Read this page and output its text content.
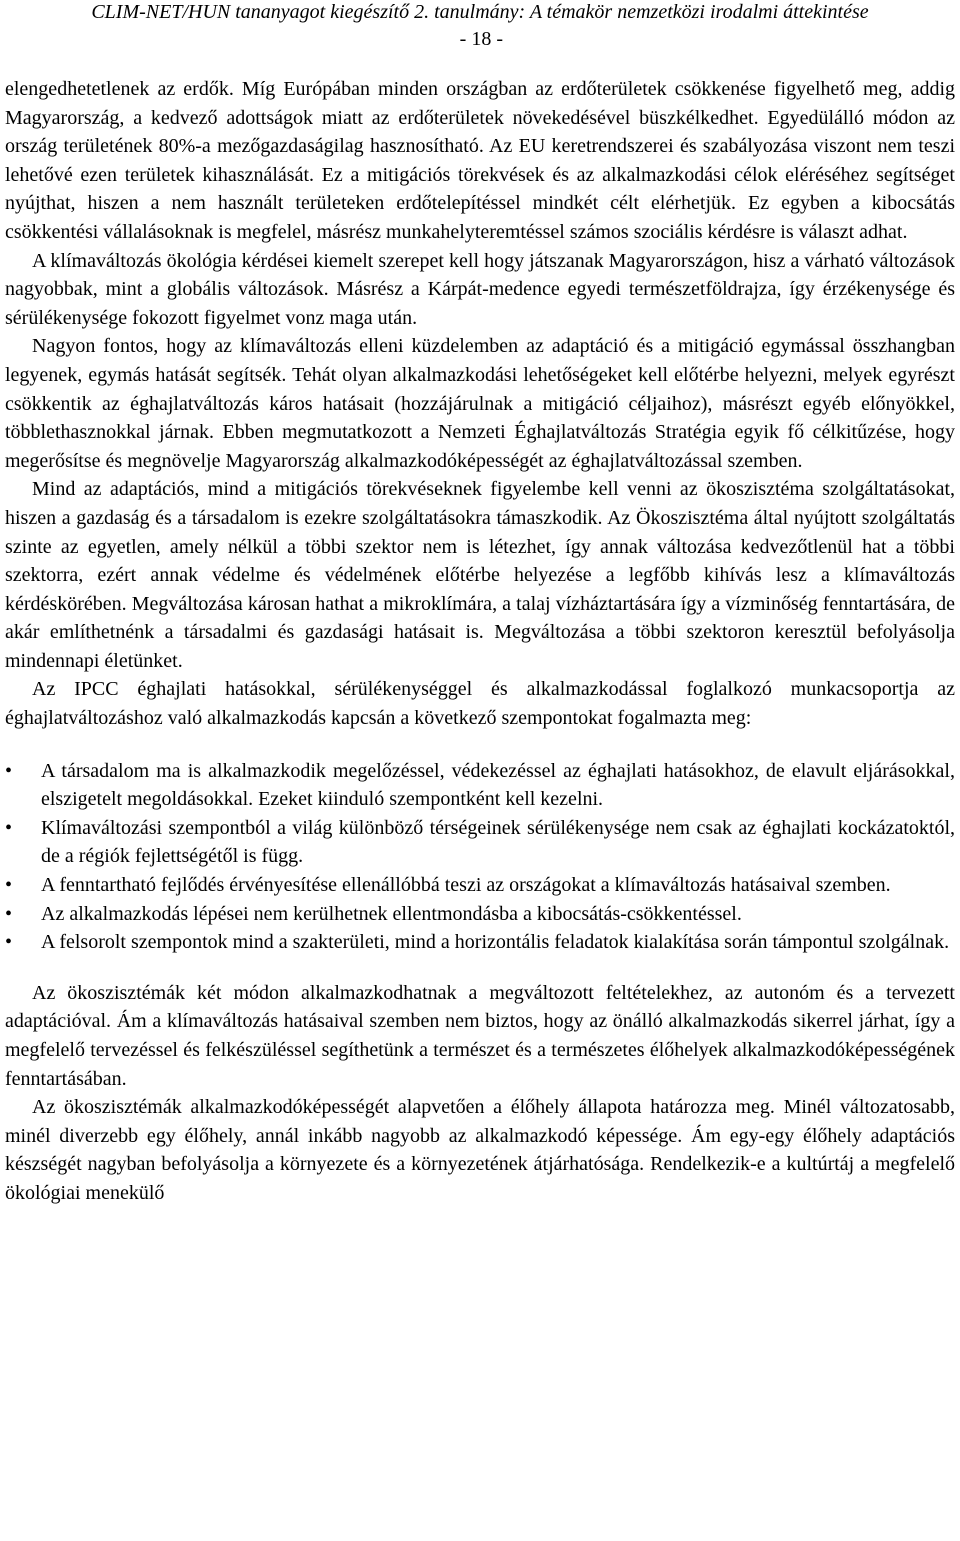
CLIM-NET/HUN tananyagot kiegészítő 2. tanulmány: A témakör nemzetközi irodalmi áttekintése
- 18 -

elengedhetetlenek az erdők. Míg Európában minden országban az erdőterületek csökkenése figyelhető meg, addig Magyarország, a kedvező adottságok miatt az erdőterületek növekedésével büszkélkedhet. Egyedülálló módon az ország területének 80%-a mezőgazdaságilag hasznosítható. Az EU keretrendszerei és szabályozása viszont nem teszi lehetővé ezen területek kihasználását. Ez a mitigációs törekvések és az alkalmazkodási célok eléréséhez segítséget nyújthat, hiszen a nem használt területeken erdőtelepítéssel mindkét célt elérhetjük. Ez egyben a kibocsátás csökkentési vállalásoknak is megfelel, másrész munkahelyteremtéssel számos szociális kérdésre is választ adhat.

A klímaváltozás ökológia kérdései kiemelt szerepet kell hogy játszanak Magyarországon, hisz a várható változások nagyobbak, mint a globális változások. Másrész a Kárpát-medence egyedi természetföldrajza, így érzékenysége és sérülékenysége fokozott figyelmet vonz maga után.

Nagyon fontos, hogy az klímaváltozás elleni küzdelemben az adaptáció és a mitigáció egymással összhangban legyenek, egymás hatását segítsék. Tehát olyan alkalmazkodási lehetőségeket kell előtérbe helyezni, melyek egyrészt csökkentik az éghajlatváltozás káros hatásait (hozzájárulnak a mitigáció céljaihoz), másrészt egyéb előnyökkel, többlethasznokkal járnak. Ebben megmutatkozott a Nemzeti Éghajlatváltozás Stratégia egyik fő célkitűzése, hogy megerősítse és megnövelje Magyarország alkalmazkodóképességét az éghajlatváltozással szemben.

Mind az adaptációs, mind a mitigációs törekvéseknek figyelembe kell venni az ökoszisztéma szolgáltatásokat, hiszen a gazdaság és a társadalom is ezekre szolgáltatásokra támaszkodik. Az Ökoszisztéma által nyújtott szolgáltatás szinte az egyetlen, amely nélkül a többi szektor nem is létezhet, így annak változása kedvezőtlenül hat a többi szektorra, ezért annak védelme és védelmének előtérbe helyezése a legfőbb kihívás lesz a klímaváltozás kérdéskörében. Megváltozása károsan hathat a mikroklímára, a talaj vízháztartására így a vízminőség fenntartására, de akár említhetnénk a társadalmi és gazdasági hatásait is. Megváltozása a többi szektoron keresztül befolyásolja mindennapi életünket.

Az IPCC éghajlati hatásokkal, sérülékenységgel és alkalmazkodással foglalkozó munkacsoportja az éghajlatváltozáshoz való alkalmazkodás kapcsán a következő szempontokat fogalmazta meg:

•	A társadalom ma is alkalmazkodik megelőzéssel, védekezéssel az éghajlati hatásokhoz, de elavult eljárásokkal, elszigetelt megoldásokkal. Ezeket kiinduló szempontként kell kezelni.
•	Klímaváltozási szempontból a világ különböző térségeinek sérülékenysége nem csak az éghajlati kockázatoktól, de a régiók fejlettségétől is függ.
•	A fenntartható fejlődés érvényesítése ellenállóbbá teszi az országokat a klímaváltozás hatásaival szemben.
•	Az alkalmazkodás lépései nem kerülhetnek ellentmondásba a kibocsátás-csökkentéssel.
•	A felsorolt szempontok mind a szakterületi, mind a horizontális feladatok kialakítása során támpontul szolgálnak.

Az ökoszisztémák két módon alkalmazkodhatnak a megváltozott feltételekhez, az autonóm és a tervezett adaptációval. Ám a klímaváltozás hatásaival szemben nem biztos, hogy az önálló alkalmazkodás sikerrel járhat, így a megfelelő tervezéssel és felkészüléssel segíthetünk a természet és a természetes élőhelyek alkalmazkodóképességének fenntartásában.

Az ökoszisztémák alkalmazkodóképességét alapvetően a élőhely állapota határozza meg. Minél változatosabb, minél diverzebb egy élőhely, annál inkább nagyobb az alkalmazkodó képessége. Ám egy-egy élőhely adaptációs készségét nagyban befolyásolja a környezete és a környezetének átjárhatósága. Rendelkezik-e a kultúrtáj a megfelelő ökológiai menekülő
